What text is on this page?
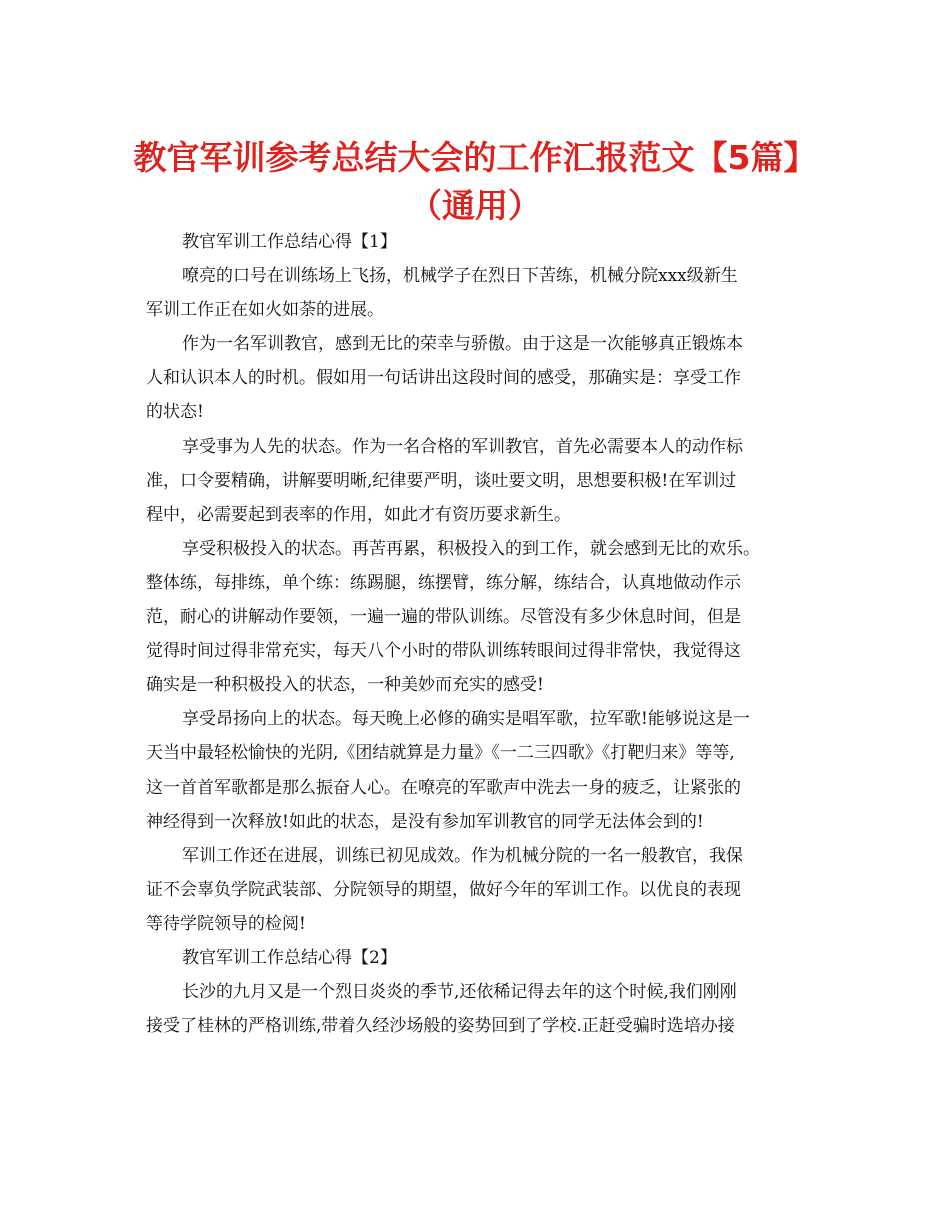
教官军训参考总结大会的工作汇报范文【5篇】
（通用）
教官军训工作总结心得【1】
嘹亮的口号在训练场上飞扬，机械学子在烈日下苦练，机械分院xxx级新生
军训工作正在如火如荼的进展。
作为一名军训教官，感到无比的荣幸与骄傲。由于这是一次能够真正锻炼本
人和认识本人的时机。假如用一句话讲出这段时间的感受，那确实是：享受工作
的状态!
享受事为人先的状态。作为一名合格的军训教官，首先必需要本人的动作标
准，口令要精确，讲解要明晰,纪律要严明，谈吐要文明，思想要积极!在军训过
程中，必需要起到表率的作用，如此才有资历要求新生。
享受积极投入的状态。再苦再累，积极投入的到工作，就会感到无比的欢乐。
整体练，每排练，单个练：练踢腿，练摆臂，练分解，练结合，认真地做动作示
范，耐心的讲解动作要领，一遍一遍的带队训练。尽管没有多少休息时间，但是
觉得时间过得非常充实，每天八个小时的带队训练转眼间过得非常快，我觉得这
确实是一种积极投入的状态，一种美妙而充实的感受!
享受昂扬向上的状态。每天晚上必修的确实是唱军歌，拉军歌!能够说这是一
天当中最轻松愉快的光阴,《团结就算是力量》《一二三四歌》《打靶归来》等等,
这一首首军歌都是那么振奋人心。在嘹亮的军歌声中洗去一身的疲乏，让紧张的
神经得到一次释放!如此的状态，是没有参加军训教官的同学无法体会到的!
军训工作还在进展，训练已初见成效。作为机械分院的一名一般教官，我保
证不会辜负学院武装部、分院领导的期望，做好今年的军训工作。以优良的表现
等待学院领导的检阅!
教官军训工作总结心得【2】
长沙的九月又是一个烈日炎炎的季节,还依稀记得去年的这个时候,我们刚刚
接受了桂林的严格训练,带着久经沙场般的姿势回到了学校.正赶受骗时选培办接
